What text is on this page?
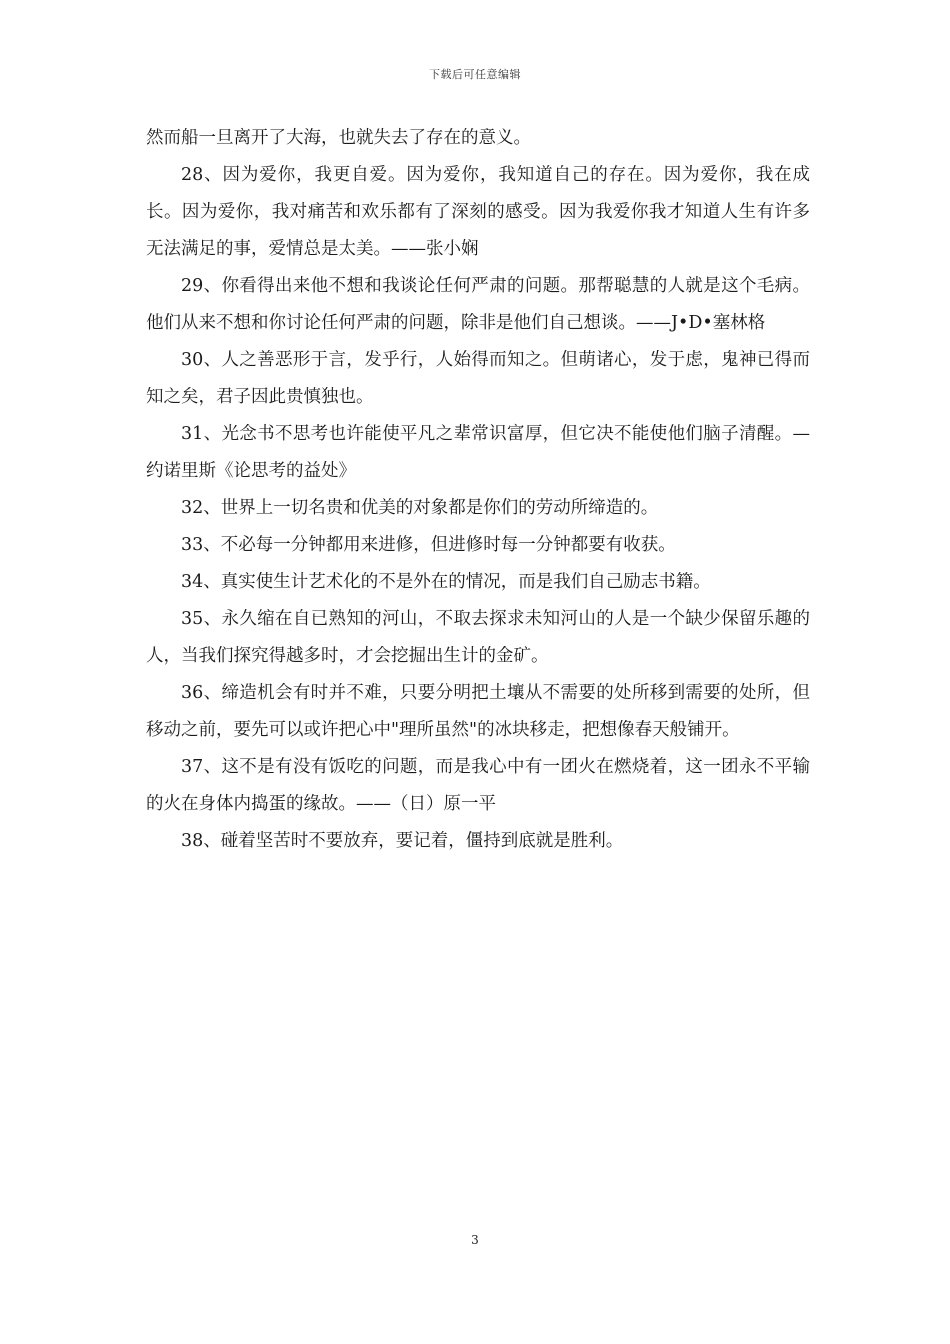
下载后可任意编辑

然而船一旦离开了大海，也就失去了存在的意义。

28、因为爱你，我更自爱。因为爱你，我知道自己的存在。因为爱你，我在成长。因为爱你，我对痛苦和欢乐都有了深刻的感受。因为我爱你我才知道人生有许多无法满足的事，爱情总是太美。——张小娴

29、你看得出来他不想和我谈论任何严肃的问题。那帮聪慧的人就是这个毛病。他们从来不想和你讨论任何严肃的问题，除非是他们自己想谈。——J•D•塞林格

30、人之善恶形于言，发乎行，人始得而知之。但萌诸心，发于虑，鬼神已得而知之矣，君子因此贵慎独也。

31、光念书不思考也许能使平凡之辈常识富厚，但它决不能使他们脑子清醒。—约诺里斯《论思考的益处》

32、世界上一切名贵和优美的对象都是你们的劳动所缔造的。

33、不必每一分钟都用来进修，但进修时每一分钟都要有收获。

34、真实使生计艺术化的不是外在的情况，而是我们自己励志书籍。

35、永久缩在自已熟知的河山，不取去探求未知河山的人是一个缺少保留乐趣的人，当我们探究得越多时，才会挖掘出生计的金矿。

36、缔造机会有时并不难，只要分明把土壤从不需要的处所移到需要的处所，但移动之前，要先可以或许把心中"理所虽然"的冰块移走，把想像春天般铺开。

37、这不是有没有饭吃的问题，而是我心中有一团火在燃烧着，这一团永不平输的火在身体内捣蛋的缘故。——（日）原一平

38、碰着坚苦时不要放弃，要记着，僵持到底就是胜利。

3
